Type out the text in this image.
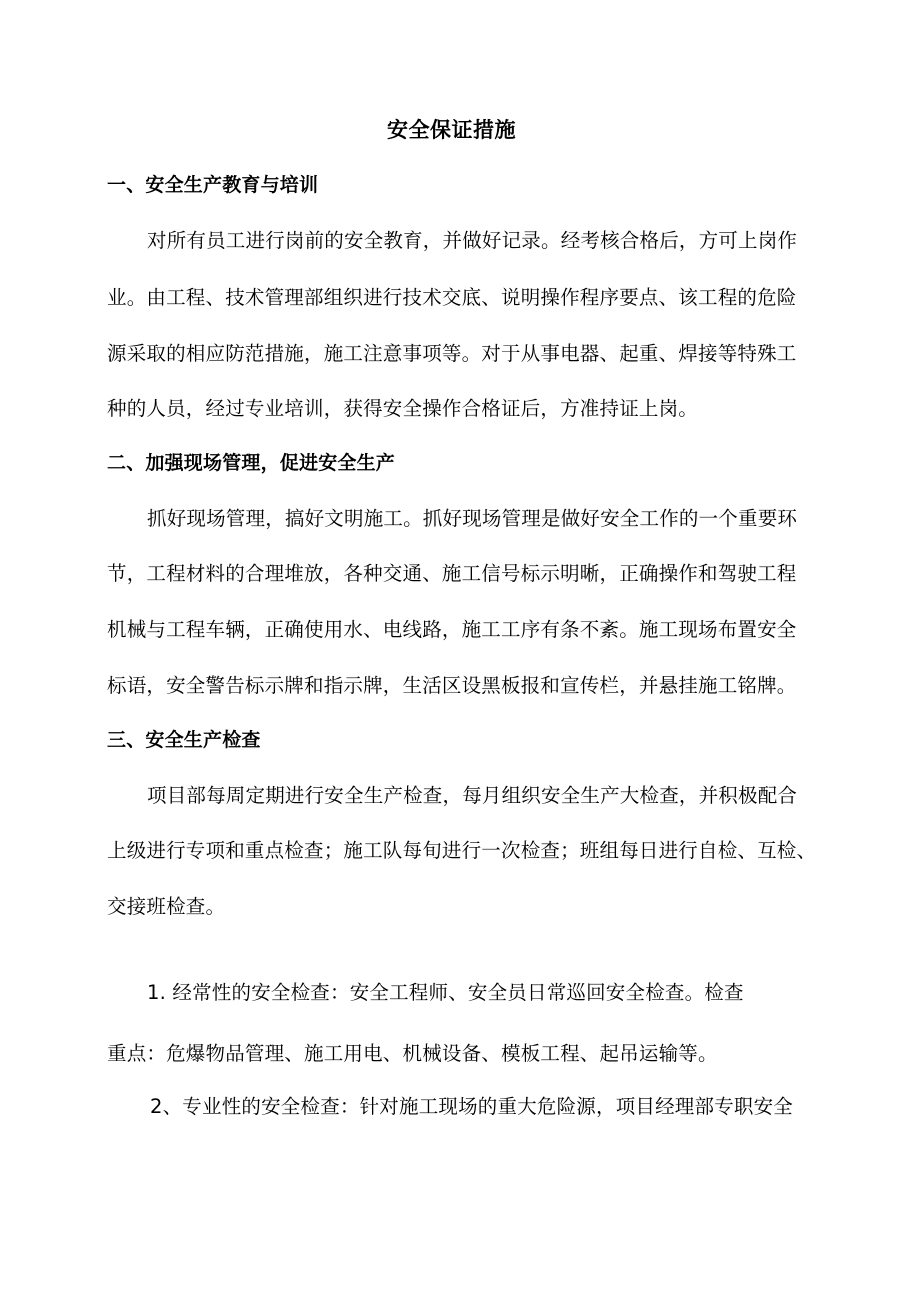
安全保证措施
一、安全生产教育与培训

对所有员工进行岗前的安全教育，并做好记录。经考核合格后，方可上岗作

业。由工程、技术管理部组织进行技术交底、说明操作程序要点、该工程的危险

源采取的相应防范措施，施工注意事项等。对于从事电器、起重、焊接等特殊工

种的人员，经过专业培训，获得安全操作合格证后，方准持证上岗。

二、加强现场管理，促进安全生产

抓好现场管理，搞好文明施工。抓好现场管理是做好安全工作的一个重要环

节，工程材料的合理堆放，各种交通、施工信号标示明晰，正确操作和驾驶工程

机械与工程车辆，正确使用水、电线路，施工工序有条不紊。施工现场布置安全

标语，安全警告标示牌和指示牌，生活区设黑板报和宣传栏，并悬挂施工铭牌。

三、安全生产检查

项目部每周定期进行安全生产检查，每月组织安全生产大检查，并积极配合

上级进行专项和重点检查；施工队每旬进行一次检查；班组每日进行自检、互检、

交接班检查。

1. 经常性的安全检查：安全工程师、安全员日常巡回安全检查。检查

重点：危爆物品管理、施工用电、机械设备、模板工程、起吊运输等。

2、专业性的安全检查：针对施工现场的重大危险源，项目经理部专职安全
